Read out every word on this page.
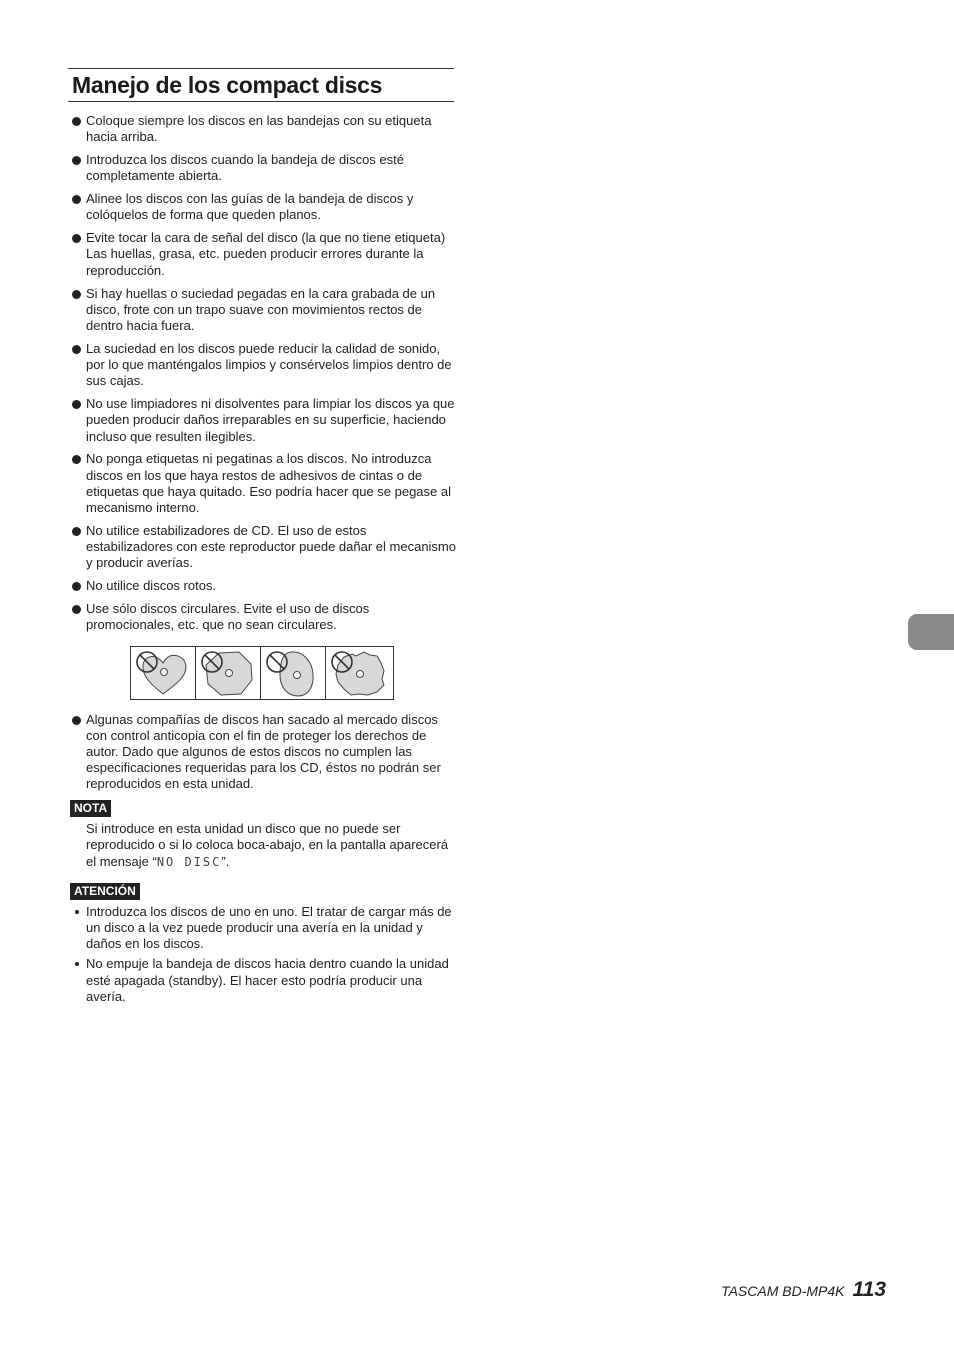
Manejo de los compact discs
Coloque siempre los discos en las bandejas con su etiqueta hacia arriba.
Introduzca los discos cuando la bandeja de discos esté completamente abierta.
Alinee los discos con las guías de la bandeja de discos y colóquelos de forma que queden planos.
Evite tocar la cara de señal del disco (la que no tiene etiqueta) Las huellas, grasa, etc. pueden producir errores durante la reproducción.
Si hay huellas o suciedad pegadas en la cara grabada de un disco, frote con un trapo suave con movimientos rectos de dentro hacia fuera.
La suciedad en los discos puede reducir la calidad de sonido, por lo que manténgalos limpios y consérvelos limpios dentro de sus cajas.
No use limpiadores ni disolventes para limpiar los discos ya que pueden producir daños irreparables en su superficie, haciendo incluso que resulten ilegibles.
No ponga etiquetas ni pegatinas a los discos. No introduzca discos en los que haya restos de adhesivos de cintas o de etiquetas que haya quitado. Eso podría hacer que se pegase al mecanismo interno.
No utilice estabilizadores de CD. El uso de estos estabilizadores con este reproductor puede dañar el mecanismo y producir averías.
No utilice discos rotos.
Use sólo discos circulares. Evite el uso de discos promocionales, etc. que no sean circulares.
Algunas compañías de discos han sacado al mercado discos con control anticopia con el fin de proteger los derechos de autor. Dado que algunos de estos discos no cumplen las especificaciones requeridas para los CD, éstos no podrán ser reproducidos en esta unidad.
NOTA
Si introduce en esta unidad un disco que no puede ser reproducido o si lo coloca boca-abajo, en la pantalla aparecerá el mensaje “NO DISC”.
ATENCIÓN
Introduzca los discos de uno en uno. El tratar de cargar más de un disco a la vez puede producir una avería en la unidad y daños en los discos.
No empuje la bandeja de discos hacia dentro cuando la unidad esté apagada (standby). El hacer esto podría producir una avería.
TASCAM BD-MP4K 113
